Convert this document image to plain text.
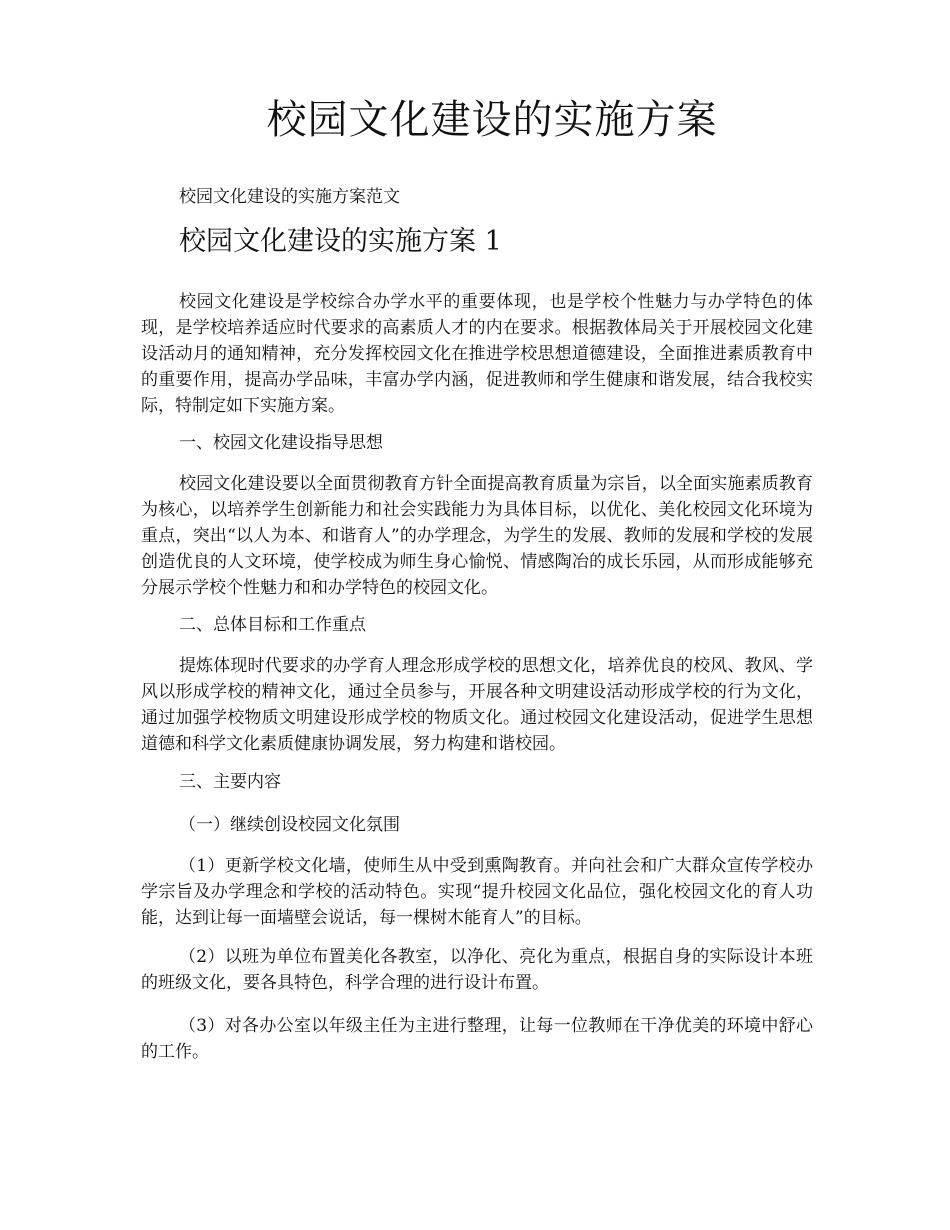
校园文化建设的实施方案

校园文化建设的实施方案范文

校园文化建设的实施方案 1

校园文化建设是学校综合办学水平的重要体现，也是学校个性魅力与办学特色的体现，是学校培养适应时代要求的高素质人才的内在要求。根据教体局关于开展校园文化建设活动月的通知精神，充分发挥校园文化在推进学校思想道德建设，全面推进素质教育中的重要作用，提高办学品味，丰富办学内涵，促进教师和学生健康和谐发展，结合我校实际，特制定如下实施方案。

一、校园文化建设指导思想

校园文化建设要以全面贯彻教育方针全面提高教育质量为宗旨，以全面实施素质教育为核心，以培养学生创新能力和社会实践能力为具体目标，以优化、美化校园文化环境为重点，突出“以人为本、和谐育人”的办学理念，为学生的发展、教师的发展和学校的发展创造优良的人文环境，使学校成为师生身心愉悦、情感陶冶的成长乐园，从而形成能够充分展示学校个性魅力和和办学特色的校园文化。

二、总体目标和工作重点

提炼体现时代要求的办学育人理念形成学校的思想文化，培养优良的校风、教风、学风以形成学校的精神文化，通过全员参与，开展各种文明建设活动形成学校的行为文化，通过加强学校物质文明建设形成学校的物质文化。通过校园文化建设活动，促进学生思想道德和科学文化素质健康协调发展，努力构建和谐校园。

三、主要内容

（一）继续创设校园文化氛围

（1）更新学校文化墙，使师生从中受到熏陶教育。并向社会和广大群众宣传学校办学宗旨及办学理念和学校的活动特色。实现“提升校园文化品位，强化校园文化的育人功能，达到让每一面墙壁会说话，每一棵树木能育人”的目标。

（2）以班为单位布置美化各教室，以净化、亮化为重点，根据自身的实际设计本班的班级文化，要各具特色，科学合理的进行设计布置。

（3）对各办公室以年级主任为主进行整理，让每一位教师在干净优美的环境中舒心的工作。
